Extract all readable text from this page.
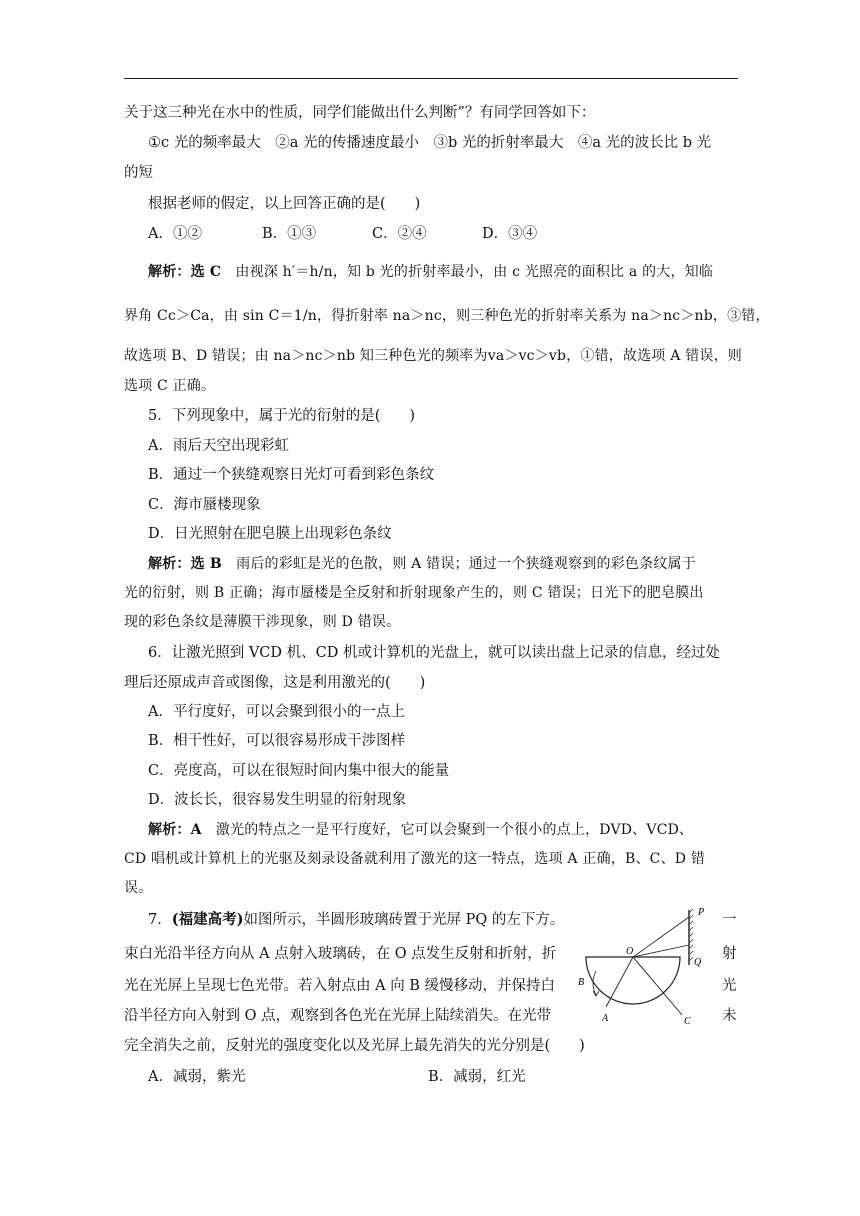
关于这三种光在水中的性质，同学们能做出什么判断”？有同学回答如下：
①c 光的频率最大　②a 光的传播速度最小　③b 光的折射率最大　④a 光的波长比 b 光
的短
根据老师的假定，以上回答正确的是(　　)
A．①②	B．①③	C．②④	D．③④
解析：选 C　 由视深 h′＝h/n，知 b 光的折射率最小，由 c 光照亮的面积比 a 的大，知临
界角 Cc＞Ca，由 sin C＝1/n，得折射率 na＞nc，则三种色光的折射率关系为 na＞nc＞nb，③错，
故选项 B、D 错误；由 na＞nc＞nb 知三种色光的频率为va＞vc＞vb，①错，故选项 A 错误，则
选项 C 正确。
5．下列现象中，属于光的衍射的是(　　)
A．雨后天空出现彩虹
B．通过一个狭缝观察日光灯可看到彩色条纹
C．海市蜃楼现象
D．日光照射在肥皂膜上出现彩色条纹
解析：选 B　 雨后的彩虹是光的色散，则 A 错误；通过一个狭缝观察到的彩色条纹属于
光的衍射，则 B 正确；海市蜃楼是全反射和折射现象产生的，则 C 错误；日光下的肥皂膜出
现的彩色条纹是薄膜干涉现象，则 D 错误。
6．让激光照到 VCD 机、CD 机或计算机的光盘上，就可以读出盘上记录的信息，经过处
理后还原成声音或图像，这是利用激光的(　　)
A．平行度好，可以会聚到很小的一点上
B．相干性好，可以很容易形成干涉图样
C．亮度高，可以在很短时间内集中很大的能量
D．波长长，很容易发生明显的衍射现象
解析：A　 激光的特点之一是平行度好，它可以会聚到一个很小的点上，DVD、VCD、
CD 唱机或计算机上的光驱及刻录设备就利用了激光的这一特点，选项 A 正确，B、C、D 错
误。
7．(福建高考)如图所示，半圆形玻璃砖置于光屏 PQ 的左下方。	一
束白光沿半径方向从 A 点射入玻璃砖，在 O 点发生反射和折射，折	射
光在光屏上呈现七色光带。若入射点由 A 向 B 缓慢移动，并保持白	光
沿半径方向入射到 O 点，观察到各色光在光屏上陆续消失。在光带	未
完全消失之前，反射光的强度变化以及光屏上最先消失的光分别是(　　)
A．减弱，紫光	B．减弱，红光
P
Q
O
A
B
C
